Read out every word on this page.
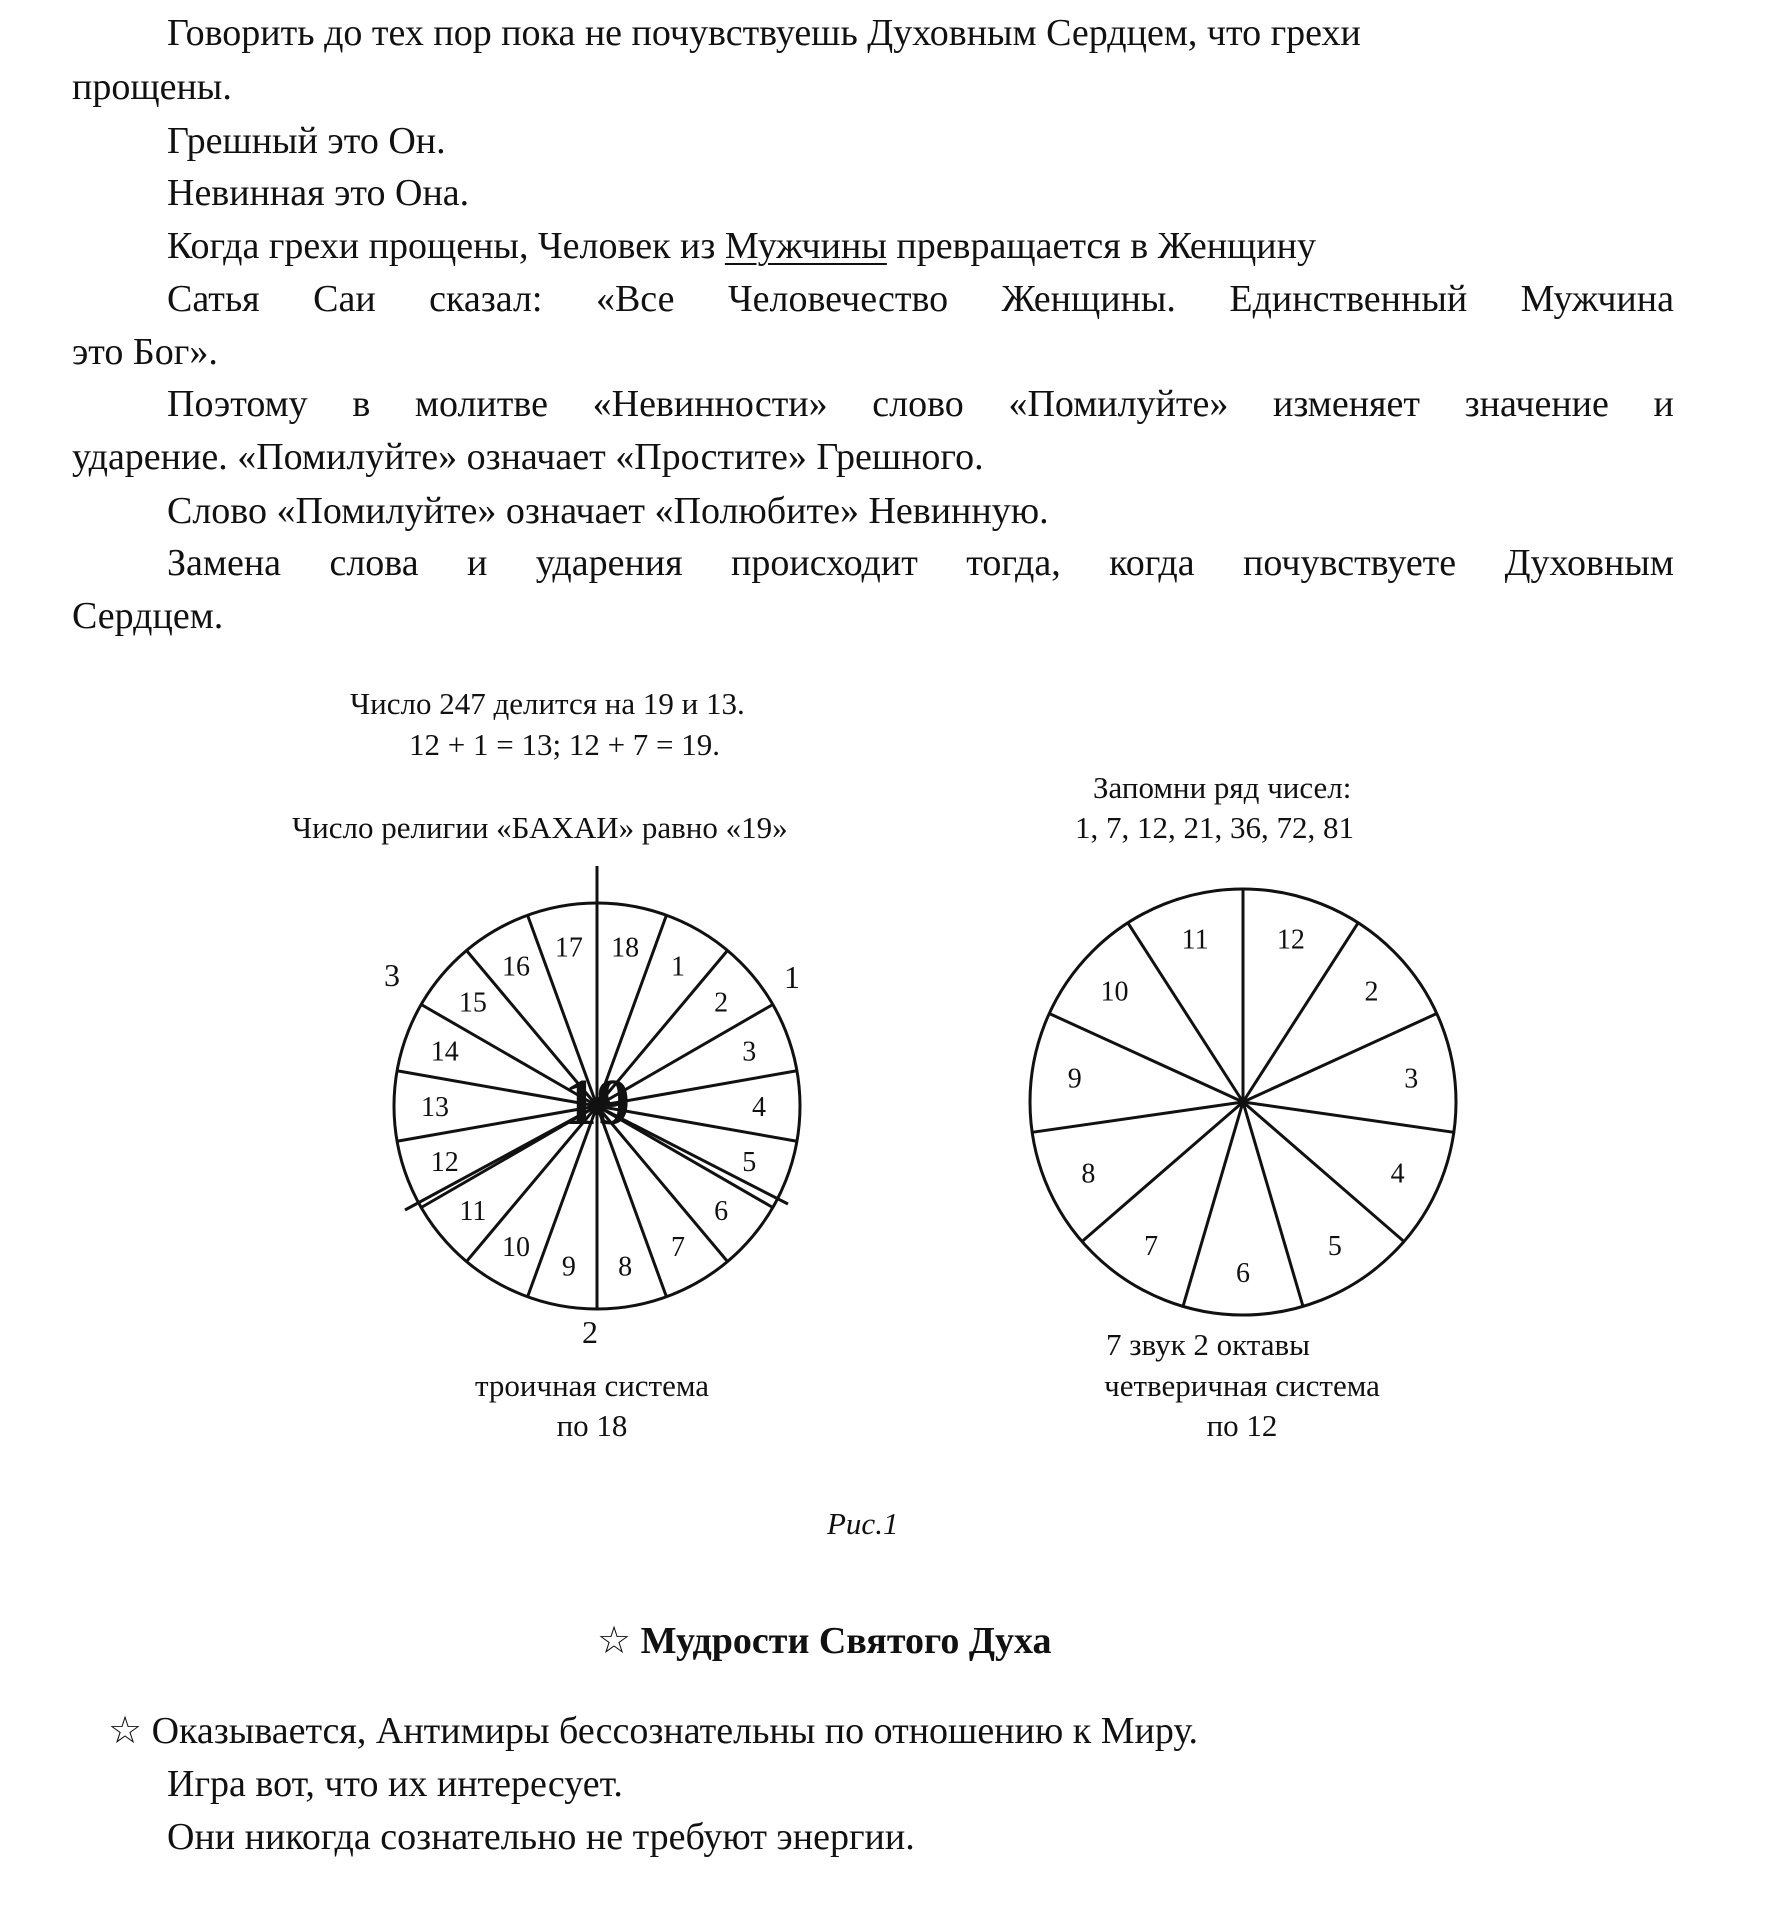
Говорить до тех пор пока не почувствуешь Духовным Сердцем, что грехи
прощены.
Грешный это Он.
Невинная это Она.
Когда грехи прощены, Человек из Мужчины превращается в Женщину
Сатья Саи сказал: «Все Человечество Женщины. Единственный Мужчина
это Бог».
Поэтому в молитве «Невинности» слово «Помилуйте» изменяет значение и
ударение. «Помилуйте» означает «Простите» Грешного.
Слово «Помилуйте» означает «Полюбите» Невинную.
Замена слова и ударения происходит тогда, когда почувствуете Духовным
Сердцем.
Число 247 делится на 19 и 13.
12 + 1 = 13; 12 + 7 = 19.
Число религии «БАХАИ» равно «19»
Запомни ряд чисел:
1, 7, 12, 21, 36, 72, 81
18
1
2
3
4
5
6
7
8
9
10
11
12
13
14
15
16
17
19
1
3
2
12
2
3
4
5
6
7
8
9
10
11
7 звук 2 октавы
троичная система
по 18
четверичная система
по 12
Рис.1
☆ Мудрости Святого Духа
☆ Оказывается, Антимиры бессознательны по отношению к Миру.
Игра вот, что их интересует.
Они никогда сознательно не требуют энергии.
